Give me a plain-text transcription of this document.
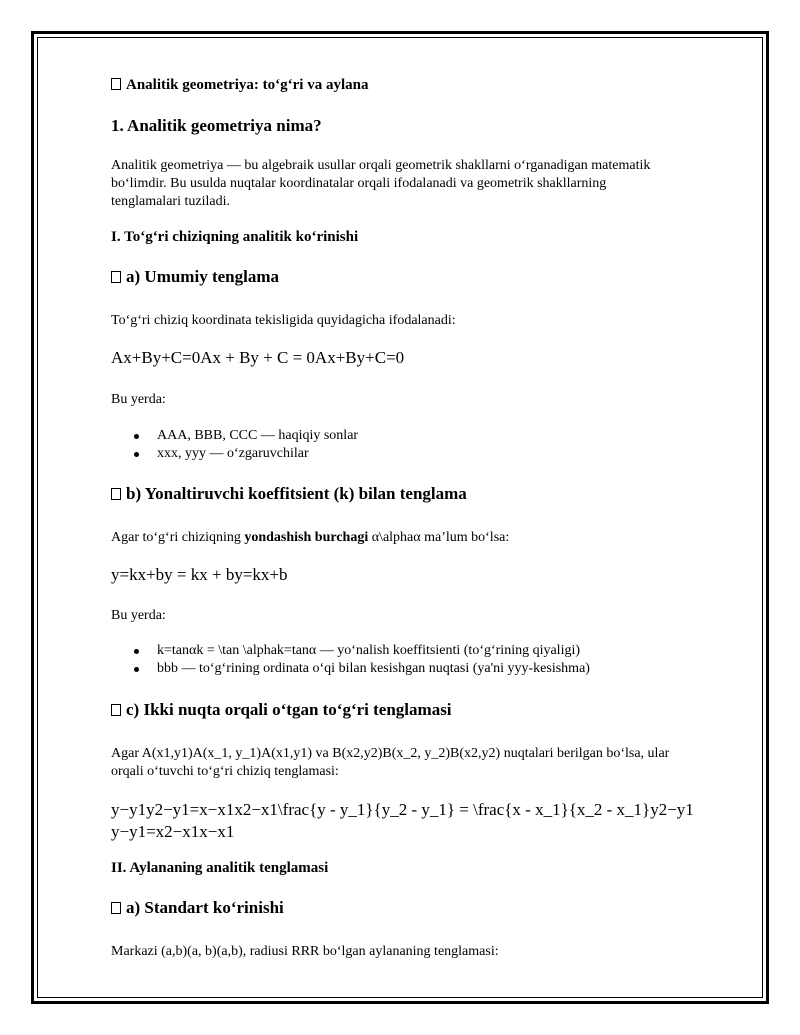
Analitik geometriya: to‘g‘ri va aylana
1. Analitik geometriya nima?
Analitik geometriya — bu algebraik usullar orqali geometrik shakllarni o‘rganadigan matematik
bo‘limdir. Bu usulda nuqtalar koordinatalar orqali ifodalanadi va geometrik shakllarning
tenglamalari tuziladi.
I. To‘g‘ri chiziqning analitik ko‘rinishi
a) Umumiy tenglama
To‘g‘ri chiziq koordinata tekisligida quyidagicha ifodalanadi:
Ax+By+C=0Ax + By + C = 0Ax+By+C=0
Bu yerda:
AAA, BBB, CCC — haqiqiy sonlar
xxx, yyy — o‘zgaruvchilar
b) Yonaltiruvchi koeffitsient (k) bilan tenglama
Agar to‘g‘ri chiziqning yondashish burchagi α\alphaα ma’lum bo‘lsa:
y=kx+by = kx + by=kx+b
Bu yerda:
k=tanαk = \tan \alphak=tanα — yo‘nalish koeffitsienti (to‘g‘rining qiyaligi)
bbb — to‘g‘rining ordinata o‘qi bilan kesishgan nuqtasi (ya'ni yyy-kesishma)
c) Ikki nuqta orqali o‘tgan to‘g‘ri tenglamasi
Agar A(x1,y1)A(x_1, y_1)A(x1,y1) va B(x2,y2)B(x_2, y_2)B(x2,y2) nuqtalari berilgan bo‘lsa, ular
orqali o‘tuvchi to‘g‘ri chiziq tenglamasi:
y−y1y2−y1=x−x1x2−x1\frac{y - y_1}{y_2 - y_1} = \frac{x - x_1}{x_2 - x_1}y2−y1
y−y1=x2−x1x−x1
II. Aylananing analitik tenglamasi
a) Standart ko‘rinishi
Markazi (a,b)(a, b)(a,b), radiusi RRR bo‘lgan aylananing tenglamasi:
